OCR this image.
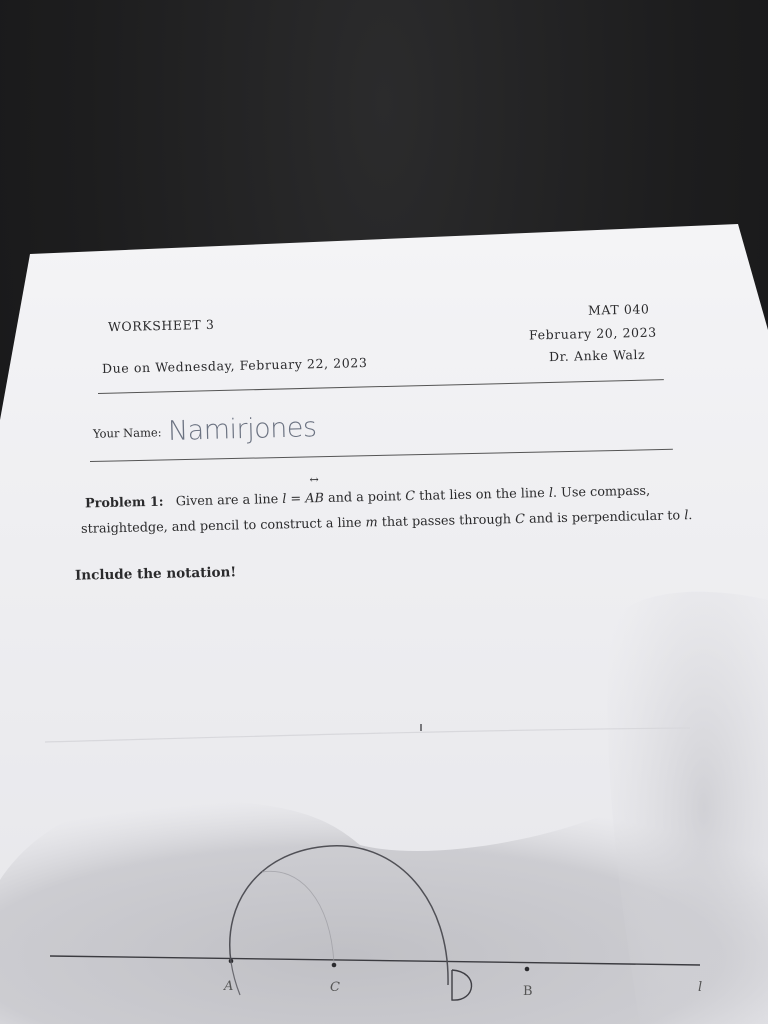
WORKSHEET 3
MAT 040
February 20, 2023
Dr. Anke Walz
Due on Wednesday, February 22, 2023
Your Name: Namirjones
Problem 1: Given are a line l = ↔ AB and a point C that lies on the line l. Use compass,
straightedge, and pencil to construct a line m that passes through C and is perpendicular to l.
Include the notation!
A	C
D	B	l
